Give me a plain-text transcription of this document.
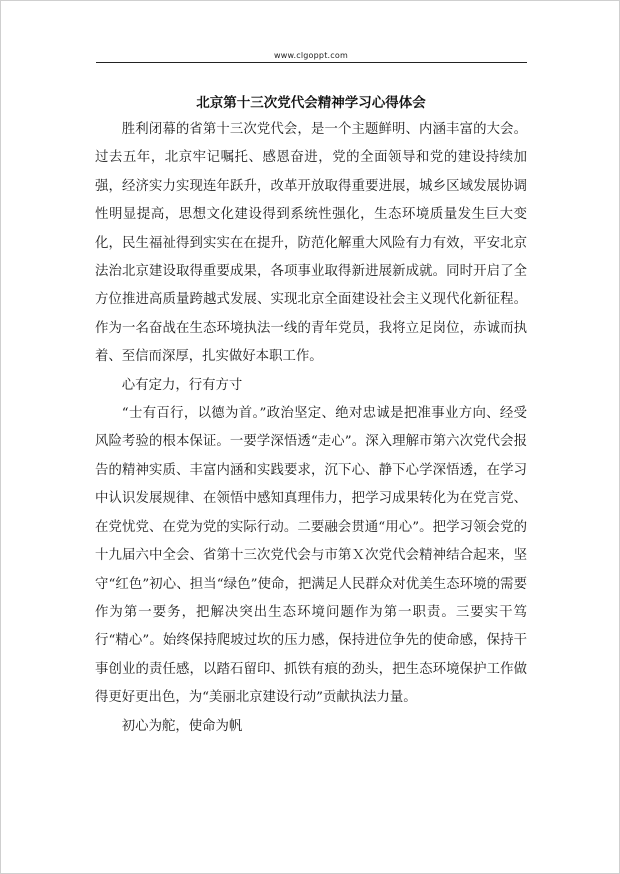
www.clgoppt.com
北京第十三次党代会精神学习心得体会

胜利闭幕的省第十三次党代会，是一个主题鲜明、内涵丰富的大会。过去五年，北京牢记嘱托、感恩奋进，党的全面领导和党的建设持续加强，经济实力实现连年跃升，改革开放取得重要进展，城乡区域发展协调性明显提高，思想文化建设得到系统性强化，生态环境质量发生巨大变化，民生福祉得到实实在在提升，防范化解重大风险有力有效，平安北京法治北京建设取得重要成果，各项事业取得新进展新成就。同时开启了全方位推进高质量跨越式发展、实现北京全面建设社会主义现代化新征程。作为一名奋战在生态环境执法一线的青年党员，我将立足岗位，赤诚而执着、至信而深厚，扎实做好本职工作。

心有定力，行有方寸

“士有百行，以德为首。”政治坚定、绝对忠诚是把准事业方向、经受风险考验的根本保证。一要学深悟透“走心”。深入理解市第六次党代会报告的精神实质、丰富内涵和实践要求，沉下心、静下心学深悟透，在学习中认识发展规律、在领悟中感知真理伟力，把学习成果转化为在党言党、在党忧党、在党为党的实际行动。二要融会贯通“用心”。把学习领会党的十九届六中全会、省第十三次党代会与市第Ｘ次党代会精神结合起来，坚守“红色”初心、担当“绿色”使命，把满足人民群众对优美生态环境的需要作为第一要务，把解决突出生态环境问题作为第一职责。三要实干笃行“精心”。始终保持爬坡过坎的压力感，保持进位争先的使命感，保持干事创业的责任感，以踏石留印、抓铁有痕的劲头，把生态环境保护工作做得更好更出色，为“美丽北京建设行动”贡献执法力量。

初心为舵，使命为帆
